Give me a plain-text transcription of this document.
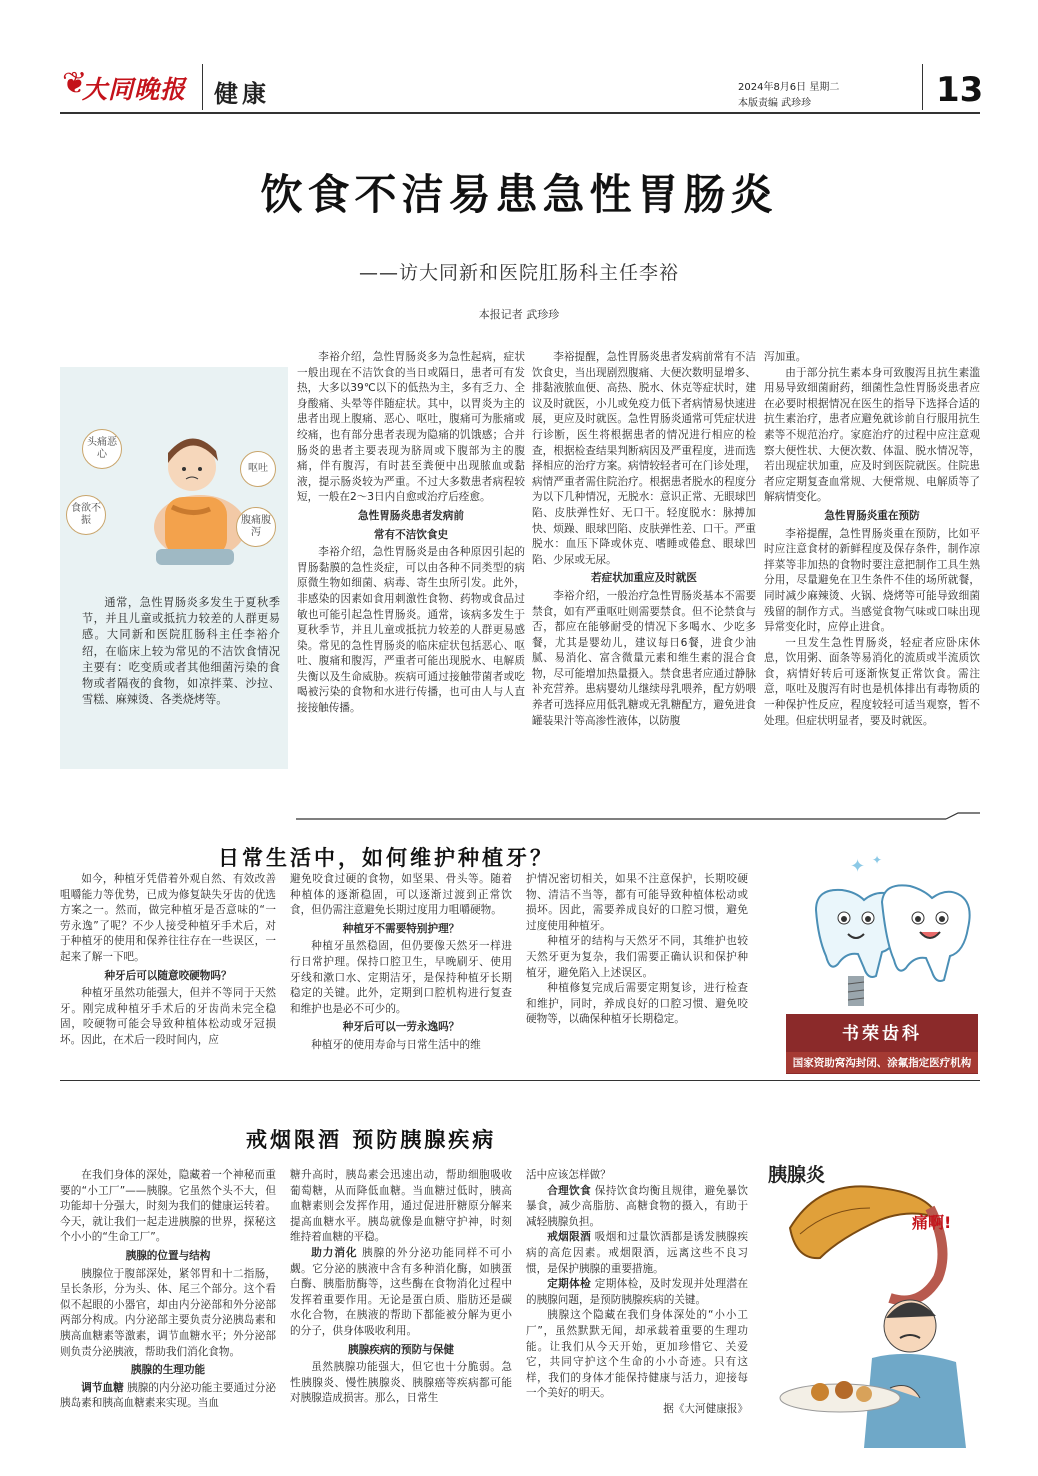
❦
大同晚报 健康	2024年8月6日 星期二
本版责编 武珍珍	13
饮食不洁易患急性胃肠炎
——访大同新和医院肛肠科主任李裕
本报记者 武珍珍
头痛恶心
呕吐
食欲不振	腹痛腹泻

通常，急性胃肠炎多发生于夏秋季节，并且儿童或抵抗力较差的人群更易感。大同新和医院肛肠科主任李裕介绍，在临床上较为常见的不洁饮食情况主要有：吃变质或者其他细菌污染的食物或者隔夜的食物，如凉拌菜、沙拉、雪糕、麻辣烫、各类烧烤等。

李裕介绍，急性胃肠炎多为急性起病，症状一般出现在不洁饮食的当日或隔日，患者可有发热，大多以39℃以下的低热为主，多有乏力、全身酸痛、头晕等伴随症状。其中，以胃炎为主的患者出现上腹痛、恶心、呕吐，腹痛可为胀痛或绞痛，也有部分患者表现为隐痛的饥饿感；合并肠炎的患者主要表现为脐周或下腹部为主的腹痛，伴有腹泻，有时甚至粪便中出现脓血或黏液，提示肠炎较为严重。不过大多数患者病程较短，一般在2～3日内自愈或治疗后痊愈。

急性胃肠炎患者发病前

常有不洁饮食史

李裕介绍，急性胃肠炎是由各种原因引起的胃肠黏膜的急性炎症，可以由各种不同类型的病原微生物如细菌、病毒、寄生虫所引发。此外，非感染的因素如食用刺激性食物、药物或食品过敏也可能引起急性胃肠炎。通常，该病多发生于夏秋季节，并且儿童或抵抗力较差的人群更易感染。常见的急性胃肠炎的临床症状包括恶心、呕吐、腹痛和腹泻，严重者可能出现脱水、电解质失衡以及生命威胁。疾病可通过接触带菌者或吃喝被污染的食物和水进行传播，也可由人与人直接接触传播。

李裕提醒，急性胃肠炎患者发病前常有不洁饮食史，当出现剧烈腹痛、大便次数明显增多、排黏液脓血便、高热、脱水、休克等症状时，建议及时就医，小儿或免疫力低下者病情易快速进展，更应及时就医。急性胃肠炎通常可凭症状进行诊断，医生将根据患者的情况进行相应的检查，根据检查结果判断病因及严重程度，进而选择相应的治疗方案。病情较轻者可在门诊处理，病情严重者需住院治疗。根据患者脱水的程度分为以下几种情况，无脱水：意识正常、无眼球凹陷、皮肤弹性好、无口干。轻度脱水：脉搏加快、烦躁、眼球凹陷、皮肤弹性差、口干。严重脱水：血压下降或休克、嗜睡或倦怠、眼球凹陷、少尿或无尿。

若症状加重应及时就医

李裕介绍，一般治疗急性胃肠炎基本不需要禁食，如有严重呕吐则需要禁食。但不论禁食与否，都应在能够耐受的情况下多喝水、少吃多餐，尤其是婴幼儿，建议每日6餐，进食少油腻、易消化、富含微量元素和维生素的混合食物，尽可能增加热量摄入。禁食患者应通过静脉补充营养。患病婴幼儿继续母乳喂养，配方奶喂养者可选择应用低乳糖或无乳糖配方，避免进食罐装果汁等高渗性液体，以防腹

泻加重。

由于部分抗生素本身可致腹泻且抗生素滥用易导致细菌耐药，细菌性急性胃肠炎患者应在必要时根据情况在医生的指导下选择合适的抗生素治疗，患者应避免就诊前自行服用抗生素等不规范治疗。家庭治疗的过程中应注意观察大便性状、大便次数、体温、脱水情况等，若出现症状加重，应及时到医院就医。住院患者应定期复查血常规、大便常规、电解质等了解病情变化。

急性胃肠炎重在预防

李裕提醒，急性胃肠炎重在预防，比如平时应注意食材的新鲜程度及保存条件，制作凉拌菜等非加热的食物时要注意把制作工具生熟分用，尽量避免在卫生条件不佳的场所就餐，同时减少麻辣烫、火锅、烧烤等可能导致细菌残留的制作方式。当感觉食物气味或口味出现异常变化时，应停止进食。

一旦发生急性胃肠炎，轻症者应卧床休息，饮用粥、面条等易消化的流质或半流质饮食，病情好转后可逐渐恢复正常饮食。需注意，呕吐及腹泻有时也是机体排出有毒物质的一种保护性反应，程度较轻可适当观察，暂不处理。但症状明显者，要及时就医。

日常生活中，如何维护种植牙？

如今，种植牙凭借着外观自然、有效改善咀嚼能力等优势，已成为修复缺失牙齿的优选方案之一。然而，做完种植牙是否意味的“一劳永逸”了呢？不少人接受种植牙手术后，对于种植牙的使用和保养往往存在一些误区，一起来了解一下吧。

种牙后可以随意咬硬物吗？

种植牙虽然功能强大，但并不等同于天然牙。刚完成种植牙手术后的牙齿尚未完全稳固，咬硬物可能会导致种植体松动或牙冠损坏。因此，在术后一段时间内，应

避免咬食过硬的食物，如坚果、骨头等。随着种植体的逐渐稳固，可以逐渐过渡到正常饮食，但仍需注意避免长期过度用力咀嚼硬物。

种植牙不需要特别护理？

种植牙虽然稳固，但仍要像天然牙一样进行日常护理。保持口腔卫生，早晚刷牙、使用牙线和漱口水、定期洁牙，是保持种植牙长期稳定的关键。此外，定期到口腔机构进行复查和维护也是必不可少的。

种牙后可以一劳永逸吗？

种植牙的使用寿命与日常生活中的维

护情况密切相关，如果不注意保护，长期咬硬物、清洁不当等，都有可能导致种植体松动或损坏。因此，需要养成良好的口腔习惯，避免过度使用种植牙。

种植牙的结构与天然牙不同，其维护也较天然牙更为复杂，我们需要正确认识和保护种植牙，避免陷入上述误区。

种植修复完成后需要定期复诊，进行检查和维护，同时，养成良好的口腔习惯、避免咬硬物等，以确保种植牙长期稳定。

✦ ✦
书荣齿科
国家资助窝沟封闭、涂氟指定医疗机构
戒烟限酒 预防胰腺疾病

在我们身体的深处，隐藏着一个神秘而重要的“小工厂”——胰腺。它虽然个头不大，但功能却十分强大，时刻为我们的健康运转着。今天，就让我们一起走进胰腺的世界，探秘这个小小的“生命工厂”。

胰腺的位置与结构

胰腺位于腹部深处，紧邻胃和十二指肠，呈长条形，分为头、体、尾三个部分。这个看似不起眼的小器官，却由内分泌部和外分泌部两部分构成。内分泌部主要负责分泌胰岛素和胰高血糖素等激素，调节血糖水平；外分泌部则负责分泌胰液，帮助我们消化食物。

胰腺的生理功能

调节血糖 胰腺的内分泌功能主要通过分泌胰岛素和胰高血糖素来实现。当血

糖升高时，胰岛素会迅速出动，帮助细胞吸收葡萄糖，从而降低血糖。当血糖过低时，胰高血糖素则会发挥作用，通过促进肝糖原分解来提高血糖水平。胰岛就像是血糖守护神，时刻维持着血糖的平稳。

助力消化 胰腺的外分泌功能同样不可小觑。它分泌的胰液中含有多种消化酶，如胰蛋白酶、胰脂肪酶等，这些酶在食物消化过程中发挥着重要作用。无论是蛋白质、脂肪还是碳水化合物，在胰液的帮助下都能被分解为更小的分子，供身体吸收利用。

胰腺疾病的预防与保健

虽然胰腺功能强大，但它也十分脆弱。急性胰腺炎、慢性胰腺炎、胰腺癌等疾病都可能对胰腺造成损害。那么，日常生

活中应该怎样做？

合理饮食 保持饮食均衡且规律，避免暴饮暴食，减少高脂肪、高糖食物的摄入，有助于减轻胰腺负担。

戒烟限酒 吸烟和过量饮酒都是诱发胰腺疾病的高危因素。戒烟限酒，远离这些不良习惯，是保护胰腺的重要措施。

定期体检 定期体检，及时发现并处理潜在的胰腺问题，是预防胰腺疾病的关键。

胰腺这个隐藏在我们身体深处的“小小工厂”，虽然默默无闻，却承载着重要的生理功能。让我们从今天开始，更加珍惜它、关爱它，共同守护这个生命的小小奇迹。只有这样，我们的身体才能保持健康与活力，迎接每一个美好的明天。

据《大河健康报》

胰腺炎
痛啊!
